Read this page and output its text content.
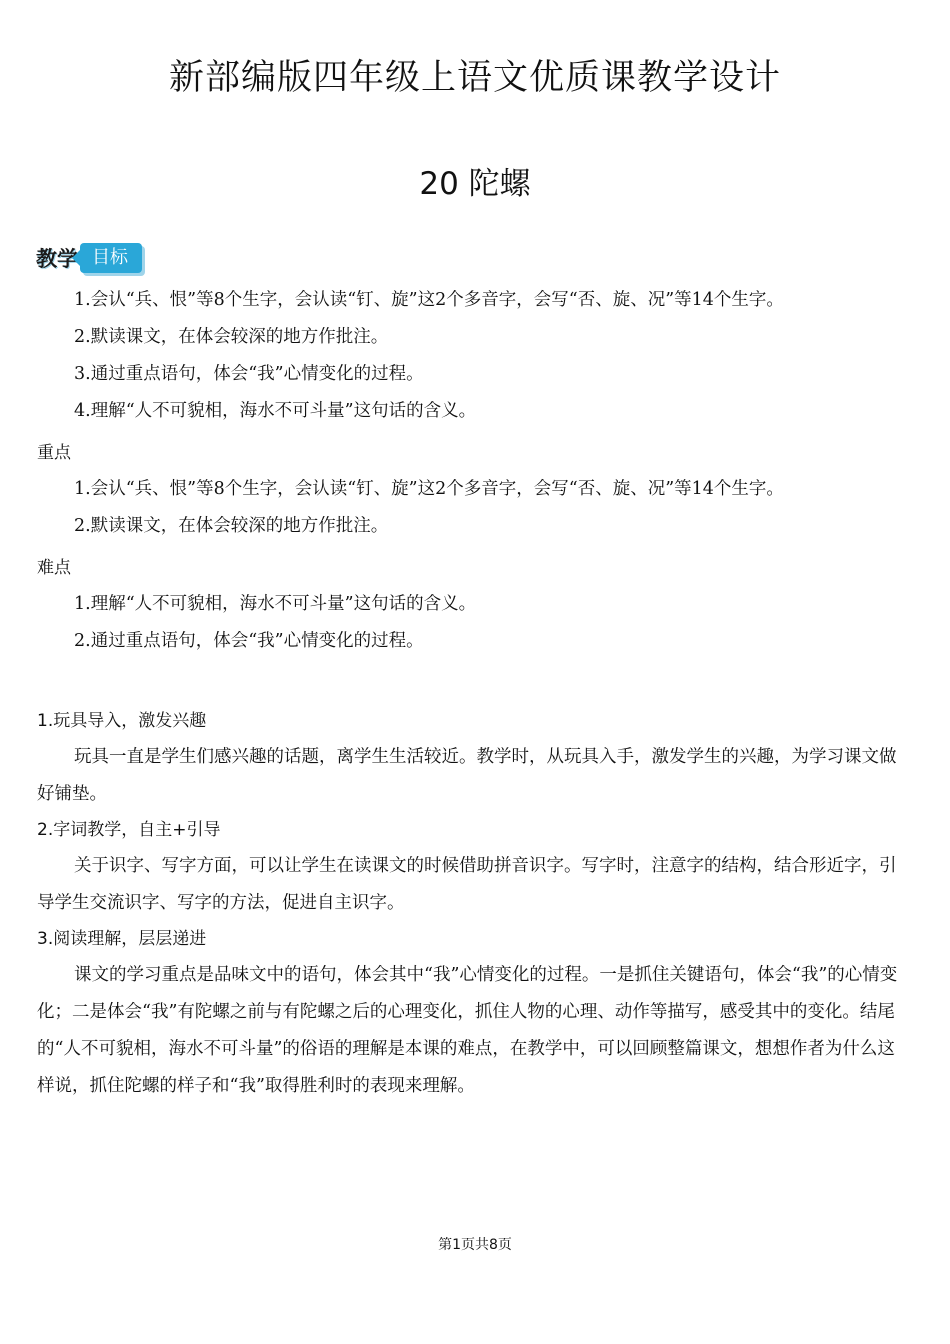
新部编版四年级上语文优质课教学设计
20 陀螺
教学 目标

1.会认“兵、恨”等8个生字，会认读“钉、旋”这2个多音字，会写“否、旋、况”等14个生字。

2.默读课文，在体会较深的地方作批注。

3.通过重点语句，体会“我”心情变化的过程。

4.理解“人不可貌相，海水不可斗量”这句话的含义。

重点

1.会认“兵、恨”等8个生字，会认读“钉、旋”这2个多音字，会写“否、旋、况”等14个生字。

2.默读课文，在体会较深的地方作批注。

难点

1.理解“人不可貌相，海水不可斗量”这句话的含义。

2.通过重点语句，体会“我”心情变化的过程。

1.玩具导入，激发兴趣

玩具一直是学生们感兴趣的话题，离学生生活较近。教学时，从玩具入手，激发学生的兴趣，为学习课文做好铺垫。

2.字词教学，自主+引导

关于识字、写字方面，可以让学生在读课文的时候借助拼音识字。写字时，注意字的结构，结合形近字，引导学生交流识字、写字的方法，促进自主识字。

3.阅读理解，层层递进

课文的学习重点是品味文中的语句，体会其中“我”心情变化的过程。一是抓住关键语句，体会“我”的心情变化；二是体会“我”有陀螺之前与有陀螺之后的心理变化，抓住人物的心理、动作等描写，感受其中的变化。结尾的“人不可貌相，海水不可斗量”的俗语的理解是本课的难点，在教学中，可以回顾整篇课文，想想作者为什么这样说，抓住陀螺的样子和“我”取得胜利时的表现来理解。

第1页共8页
